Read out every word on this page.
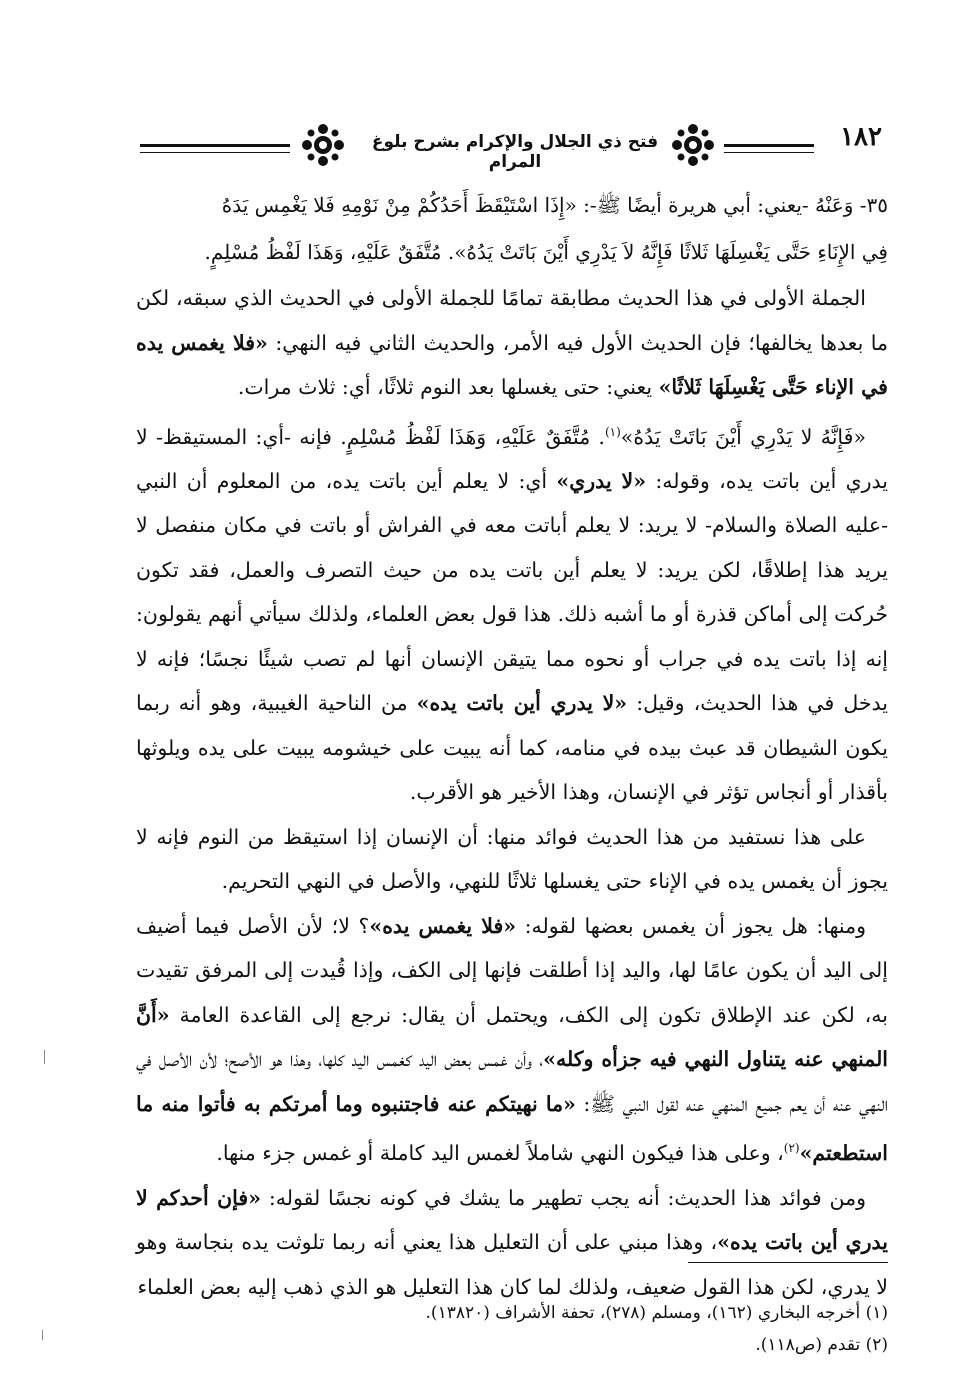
فتح ذي الجلال والإكرام بشرح بلوغ المرام
١٨٢

٣٥- وَعَنْهُ -يعني: أبي هريرة أيضًا ﷺ-: «إِذَا اسْتَيْقَظَ أَحَدُكُمْ مِنْ نَوْمِهِ فَلا يَغْمِس يَدَهُ

فِي الإِنَاءِ حَتَّى يَغْسِلَهَا ثَلاثًا فَإِنَّهُ لاَ يَدْرِي أَيْنَ بَاتَتْ يَدُهُ». مُتَّفَقٌ عَلَيْهِ، وَهَذَا لَفْظُ مُسْلِمٍ.

الجملة الأولى في هذا الحديث مطابقة تمامًا للجملة الأولى في الحديث الذي سبقه، لكن ما بعدها يخالفها؛ فإن الحديث الأول فيه الأمر، والحديث الثاني فيه النهي: «فلا يغمس يده في الإناء حَتَّى يَغْسِلَهَا ثَلاثًا» يعني: حتى يغسلها بعد النوم ثلاثًا، أي: ثلاث مرات.

«فَإِنَّهُ لا يَدْرِي أَيْنَ بَاتَتْ يَدُهُ»$^{(١)}$. مُتَّفَقٌ عَلَيْهِ، وَهَذَا لَفْظُ مُسْلِمٍ. فإنه -أي: المستيقظ- لا يدري أين باتت يده، وقوله: «لا يدري» أي: لا يعلم أين باتت يده، من المعلوم أن النبي -عليه الصلاة والسلام- لا يريد: لا يعلم أباتت معه في الفراش أو باتت في مكان منفصل لا يريد هذا إطلاقًا، لكن يريد: لا يعلم أين باتت يده من حيث التصرف والعمل، فقد تكون حُركت إلى أماكن قذرة أو ما أشبه ذلك. هذا قول بعض العلماء، ولذلك سيأتي أنهم يقولون: إنه إذا باتت يده في جراب أو نحوه مما يتيقن الإنسان أنها لم تصب شيئًا نجسًا؛ فإنه لا يدخل في هذا الحديث، وقيل: «لا يدري أين باتت يده» من الناحية الغيبية، وهو أنه ربما يكون الشيطان قد عبث بيده في منامه، كما أنه يبيت على خيشومه يبيت على يده ويلوثها بأقذار أو أنجاس تؤثر في الإنسان، وهذا الأخير هو الأقرب.

على هذا نستفيد من هذا الحديث فوائد منها: أن الإنسان إذا استيقظ من النوم فإنه لا يجوز أن يغمس يده في الإناء حتى يغسلها ثلاثًا للنهي، والأصل في النهي التحريم.

ومنها: هل يجوز أن يغمس بعضها لقوله: «فلا يغمس يده»؟ لا؛ لأن الأصل فيما أضيف إلى اليد أن يكون عامًا لها، واليد إذا أطلقت فإنها إلى الكف، وإذا قُيدت إلى المرفق تقيدت به، لكن عند الإطلاق تكون إلى الكف، ويحتمل أن يقال: نرجع إلى القاعدة العامة «أَنَّ المنهي عنه يتناول النهي فيه جزأه وكله»، وأن غمس بعض اليد كغمس اليد كلها، وهذا هو الأصح؛ لأن الأصل في النهي عنه أن يعم جميع المنهي عنه لقول النبي ﷺ: «ما نهيتكم عنه فاجتنبوه وما أمرتكم به فأتوا منه ما استطعتم»$^{(٢)}$، وعلى هذا فيكون النهي شاملاً لغمس اليد كاملة أو غمس جزء منها.

ومن فوائد هذا الحديث: أنه يجب تطهير ما يشك في كونه نجسًا لقوله: «فإن أحدكم لا يدري أين باتت يده»، وهذا مبني على أن التعليل هذا يعني أنه ربما تلوثت يده بنجاسة وهو لا يدري، لكن هذا القول ضعيف، ولذلك لما كان هذا التعليل هو الذي ذهب إليه بعض العلماء

(١) أخرجه البخاري (١٦٢)، ومسلم (٢٧٨)، تحفة الأشراف (١٣٨٢٠).

(٢) تقدم (ص١١٨).
